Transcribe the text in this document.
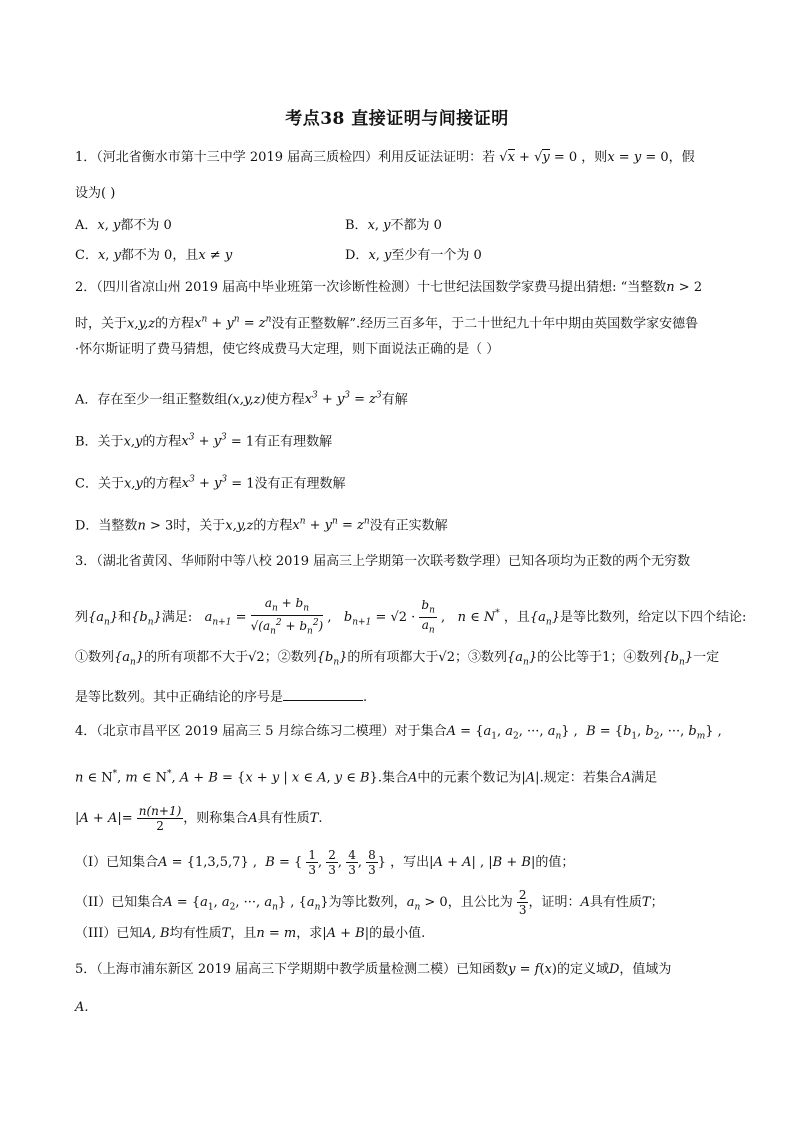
考点38 直接证明与间接证明
1．（河北省衡水市第十三中学 2019 届高三质检四）利用反证法证明：若 √x + √y = 0 ，则x = y = 0，假
设为( )
A．x, y都不为 0	B．x, y不都为 0
C．x, y都不为 0，且x ≠ y	D．x, y至少有一个为 0
2．（四川省凉山州 2019 届高中毕业班第一次诊断性检测）十七世纪法国数学家费马提出猜想: “当整数n > 2
时，关于x,y,z的方程$x^n + y^n = z^n$没有正整数解”.经历三百多年，于二十世纪九十年中期由英国数学家安德鲁
·怀尔斯证明了费马猜想，使它终成费马大定理，则下面说法正确的是（ ）
A．存在至少一组正整数组(x,y,z)使方程$x^3 + y^3 = z^3$有解
B．关于x,y的方程$x^3 + y^3 = 1$有正有理数解
C．关于x,y的方程$x^3 + y^3 = 1$没有正有理数解
D．当整数n > 3时，关于x,y,z的方程$x^n + y^n = z^n$没有正实数解
3．（湖北省黄冈、华师附中等八校 2019 届高三上学期第一次联考数学理）已知各项均为正数的两个无穷数
列$\{a_n\}$和$\{b_n\}$满足: $a_{n+1} = \frac{a_n + b_n}{√(a_n^2 + b_n^2)}$ ,   $b_{n+1} = √2 \cdot \frac{b_n}{a_n}$ ,   n ∈ N* ，且$\{a_n\}$是等比数列，给定以下四个结论:
①数列$\{a_n\}$的所有项都不大于√2；②数列$\{b_n\}$的所有项都大于√2；③数列$\{a_n\}$的公比等于1；④数列$\{b_n\}$一定
是等比数列。其中正确结论的序号是	.
4．（北京市昌平区 2019 届高三 5 月综合练习二模理）对于集合$A = \{a_1$, $a_2$, ···, $a_n$} ,  $B = \{b_1$, $b_2$, ···, $b_m$} ,
n ∈ N*, m ∈ N*, A + B = {x + y | x ∈ A, y ∈ B}.集合A中的元素个数记为|A|.规定：若集合A满足
$|A + A|= \frac{n(n+1)}{2}$ ，则称集合A具有性质T.
（I）已知集合A = {1,3,5,7} ,  B = { $\frac{1}{3}$ , $\frac{2}{3}$ , $\frac{4}{3}$ , $\frac{8}{3}$ } ，写出|A + A| , |B + B|的值；
（II）已知集合$A = \{a_1$, $a_2$, ···, $a_n$} , $\{a_n\}$为等比数列，$a_n > 0$，且公比为 $\frac{2}{3}$ ，证明：A具有性质T；
（III）已知A, B均有性质T，且n = m，求|A + B|的最小值.
5．（上海市浦东新区 2019 届高三下学期期中教学质量检测二模）已知函数y = f(x)的定义域D，值域为
A.
